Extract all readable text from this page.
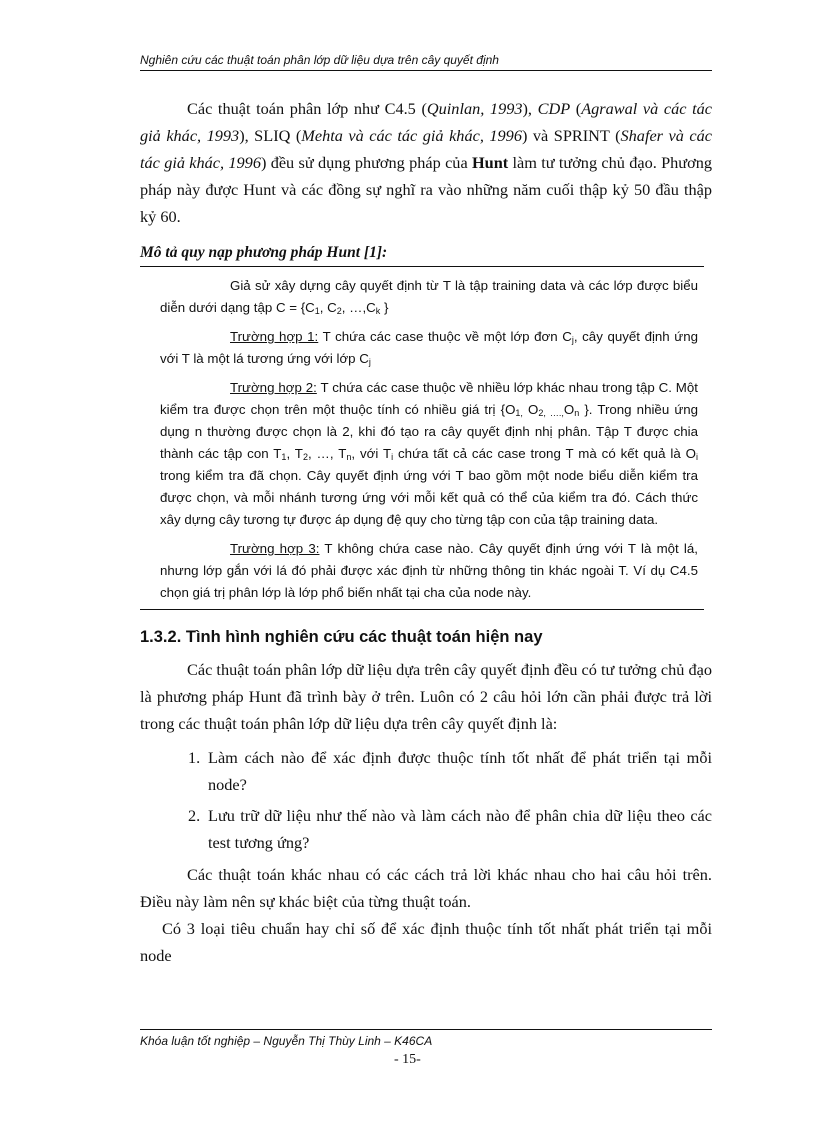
Nghiên cứu các thuật toán phân lớp dữ liệu dựa trên cây quyết định
Các thuật toán phân lớp như C4.5 (Quinlan, 1993), CDP (Agrawal và các tác giả khác, 1993), SLIQ (Mehta và các tác giả khác, 1996) và SPRINT (Shafer và các tác giả khác, 1996) đều sử dụng phương pháp của Hunt làm tư tưởng chủ đạo. Phương pháp này được Hunt và các đồng sự nghĩ ra vào những năm cuối thập kỷ 50 đầu thập kỷ 60.
Mô tả quy nạp phương pháp Hunt [1]:

Giả sử xây dựng cây quyết định từ T là tập training data và các lớp được biểu diễn dưới dạng tập $C = \{C_1$, $C_2$, $\dots,C_k$ }

Trường hợp 1: T chứa các case thuộc về một lớp đơn $C_j$, cây quyết định ứng với T là một lá tương ứng với lớp $C_j$

Trường hợp 2: T chứa các case thuộc về nhiều lớp khác nhau trong tập C. Một kiểm tra được chọn trên một thuộc tính có nhiều giá trị {$O_{1,}$ $O_{2, \dots.,}O_n$ }. Trong nhiều ứng dụng n thường được chọn là 2, khi đó tạo ra cây quyết định nhị phân. Tập T được chia thành các tập con $T_1$, $T_2$, …, $T_n$, với $T_i$ chứa tất cả các case trong T mà có kết quả là $O_i$ trong kiểm tra đã chọn. Cây quyết định ứng với T bao gồm một node biểu diễn kiểm tra được chọn, và mỗi nhánh tương ứng với mỗi kết quả có thể của kiểm tra đó. Cách thức xây dựng cây tương tự được áp dụng đệ quy cho từng tập con của tập training data.

Trường hợp 3: T không chứa case nào. Cây quyết định ứng với T là một lá, nhưng lớp gắn với lá đó phải được xác định từ những thông tin khác ngoài T. Ví dụ C4.5 chọn giá trị phân lớp là lớp phổ biến nhất tại cha của node này.

1.3.2. Tình hình nghiên cứu các thuật toán hiện nay
Các thuật toán phân lớp dữ liệu dựa trên cây quyết định đều có tư tưởng chủ đạo là phương pháp Hunt đã trình bày ở trên. Luôn có 2 câu hỏi lớn cần phải được trả lời trong các thuật toán phân lớp dữ liệu dựa trên cây quyết định là:
1. Làm cách nào để xác định được thuộc tính tốt nhất để phát triển tại mỗi node?
2. Lưu trữ dữ liệu như thế nào và làm cách nào để phân chia dữ liệu theo các test tương ứng?
Các thuật toán khác nhau có các cách trả lời khác nhau cho hai câu hỏi trên. Điều này làm nên sự khác biệt của từng thuật toán.
Có 3 loại tiêu chuẩn hay chỉ số để xác định thuộc tính tốt nhất phát triển tại mỗi node
Khóa luận tốt nghiệp – Nguyễn Thị Thùy Linh – K46CA
- 15-
